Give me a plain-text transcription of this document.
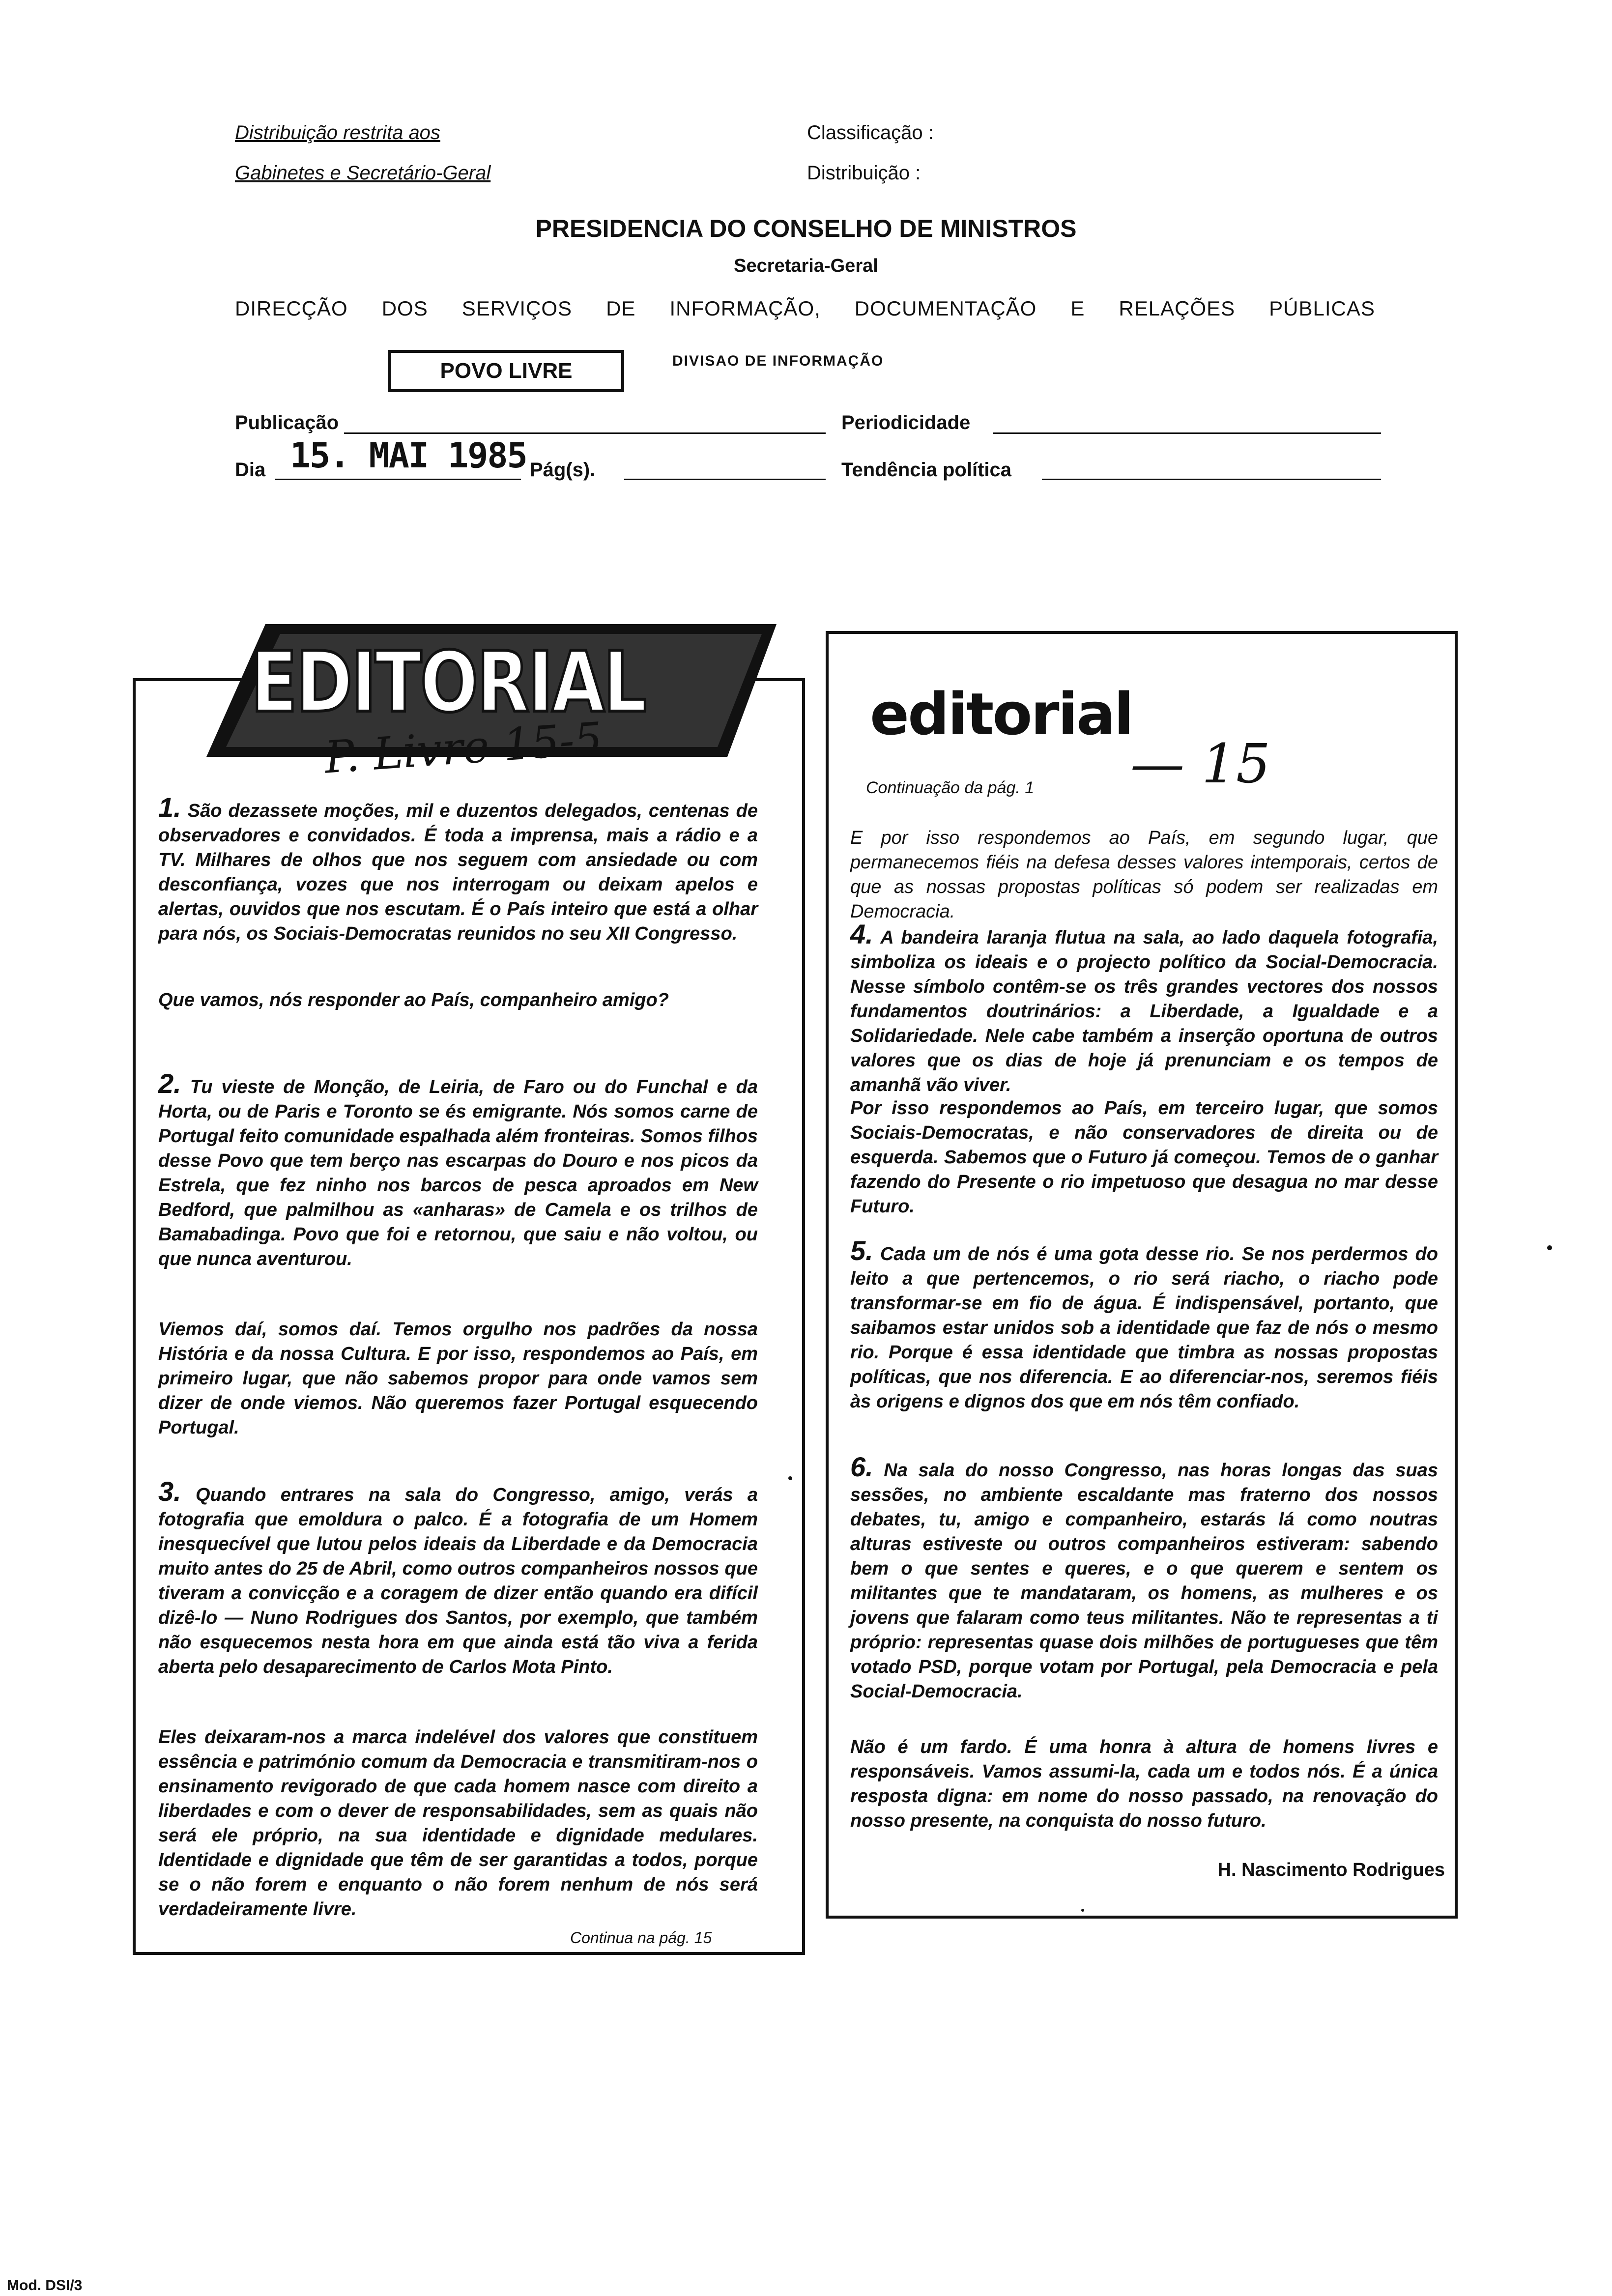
Distribuição restrita aos
Gabinetes e Secretário-Geral
Classificação :
Distribuição :
PRESIDENCIA DO CONSELHO DE MINISTROS
Secretaria-Geral
DIRECÇÃO DOS SERVIÇOS DE INFORMAÇÃO, DOCUMENTAÇÃO E RELAÇÕES PÚBLICAS
POVO LIVRE	DIVISAO DE INFORMAÇÃO
Publicação	Periodicidade
Dia 15. MAI 1985 Pág(s).	Tendência política
EDITORIAL
P. Livre 15-5
1. São dezassete moções, mil e duzentos delegados, centenas de observadores e convidados. É toda a imprensa, mais a rádio e a TV. Milhares de olhos que nos seguem com ansiedade ou com desconfiança, vozes que nos interrogam ou deixam apelos e alertas, ouvidos que nos escutam. É o País inteiro que está a olhar para nós, os Sociais-Democratas reunidos no seu XII Congresso.
Que vamos, nós responder ao País, companheiro amigo?
2. Tu vieste de Monção, de Leiria, de Faro ou do Funchal e da Horta, ou de Paris e Toronto se és emigrante. Nós somos carne de Portugal feito comunidade espalhada além fronteiras. Somos filhos desse Povo que tem berço nas escarpas do Douro e nos picos da Estrela, que fez ninho nos barcos de pesca aproados em New Bedford, que palmilhou as «anharas» de Camela e os trilhos de Bamabadinga. Povo que foi e retornou, que saiu e não voltou, ou que nunca aventurou.
Viemos daí, somos daí. Temos orgulho nos padrões da nossa História e da nossa Cultura. E por isso, respondemos ao País, em primeiro lugar, que não sabemos propor para onde vamos sem dizer de onde viemos. Não queremos fazer Portugal esquecendo Portugal.
3. Quando entrares na sala do Congresso, amigo, verás a fotografia que emoldura o palco. É a fotografia de um Homem inesquecível que lutou pelos ideais da Liberdade e da Democracia muito antes do 25 de Abril, como outros companheiros nossos que tiveram a convicção e a coragem de dizer então quando era difícil dizê-lo — Nuno Rodrigues dos Santos, por exemplo, que também não esquecemos nesta hora em que ainda está tão viva a ferida aberta pelo desaparecimento de Carlos Mota Pinto.
Eles deixaram-nos a marca indelével dos valores que constituem essência e património comum da Democracia e transmitiram-nos o ensinamento revigorado de que cada homem nasce com direito a liberdades e com o dever de responsabilidades, sem as quais não será ele próprio, na sua identidade e dignidade medulares. Identidade e dignidade que têm de ser garantidas a todos, porque se o não forem e enquanto o não forem nenhum de nós será verdadeiramente livre.
Continua na pág. 15
editorial
— 15
Continuação da pág. 1
E por isso respondemos ao País, em segundo lugar, que permanecemos fiéis na defesa desses valores intemporais, certos de que as nossas propostas políticas só podem ser realizadas em Democracia.
4. A bandeira laranja flutua na sala, ao lado daquela fotografia, simboliza os ideais e o projecto político da Social-Democracia. Nesse símbolo contêm-se os três grandes vectores dos nossos fundamentos doutrinários: a Liberdade, a Igualdade e a Solidariedade. Nele cabe também a inserção oportuna de outros valores que os dias de hoje já prenunciam e os tempos de amanhã vão viver.
Por isso respondemos ao País, em terceiro lugar, que somos Sociais-Democratas, e não conservadores de direita ou de esquerda. Sabemos que o Futuro já começou. Temos de o ganhar fazendo do Presente o rio impetuoso que desagua no mar desse Futuro.
5. Cada um de nós é uma gota desse rio. Se nos perdermos do leito a que pertencemos, o rio será riacho, o riacho pode transformar-se em fio de água. É indispensável, portanto, que saibamos estar unidos sob a identidade que faz de nós o mesmo rio. Porque é essa identidade que timbra as nossas propostas políticas, que nos diferencia. E ao diferenciar-nos, seremos fiéis às origens e dignos dos que em nós têm confiado.
6. Na sala do nosso Congresso, nas horas longas das suas sessões, no ambiente escaldante mas fraterno dos nossos debates, tu, amigo e companheiro, estarás lá como noutras alturas estiveste ou outros companheiros estiveram: sabendo bem o que sentes e queres, e o que querem e sentem os militantes que te mandataram, os homens, as mulheres e os jovens que falaram como teus militantes. Não te representas a ti próprio: representas quase dois milhões de portugueses que têm votado PSD, porque votam por Portugal, pela Democracia e pela Social-Democracia.
Não é um fardo. É uma honra à altura de homens livres e responsáveis. Vamos assumi-la, cada um e todos nós. É a única resposta digna: em nome do nosso passado, na renovação do nosso presente, na conquista do nosso futuro.
H. Nascimento Rodrigues
Mod. DSI/3
